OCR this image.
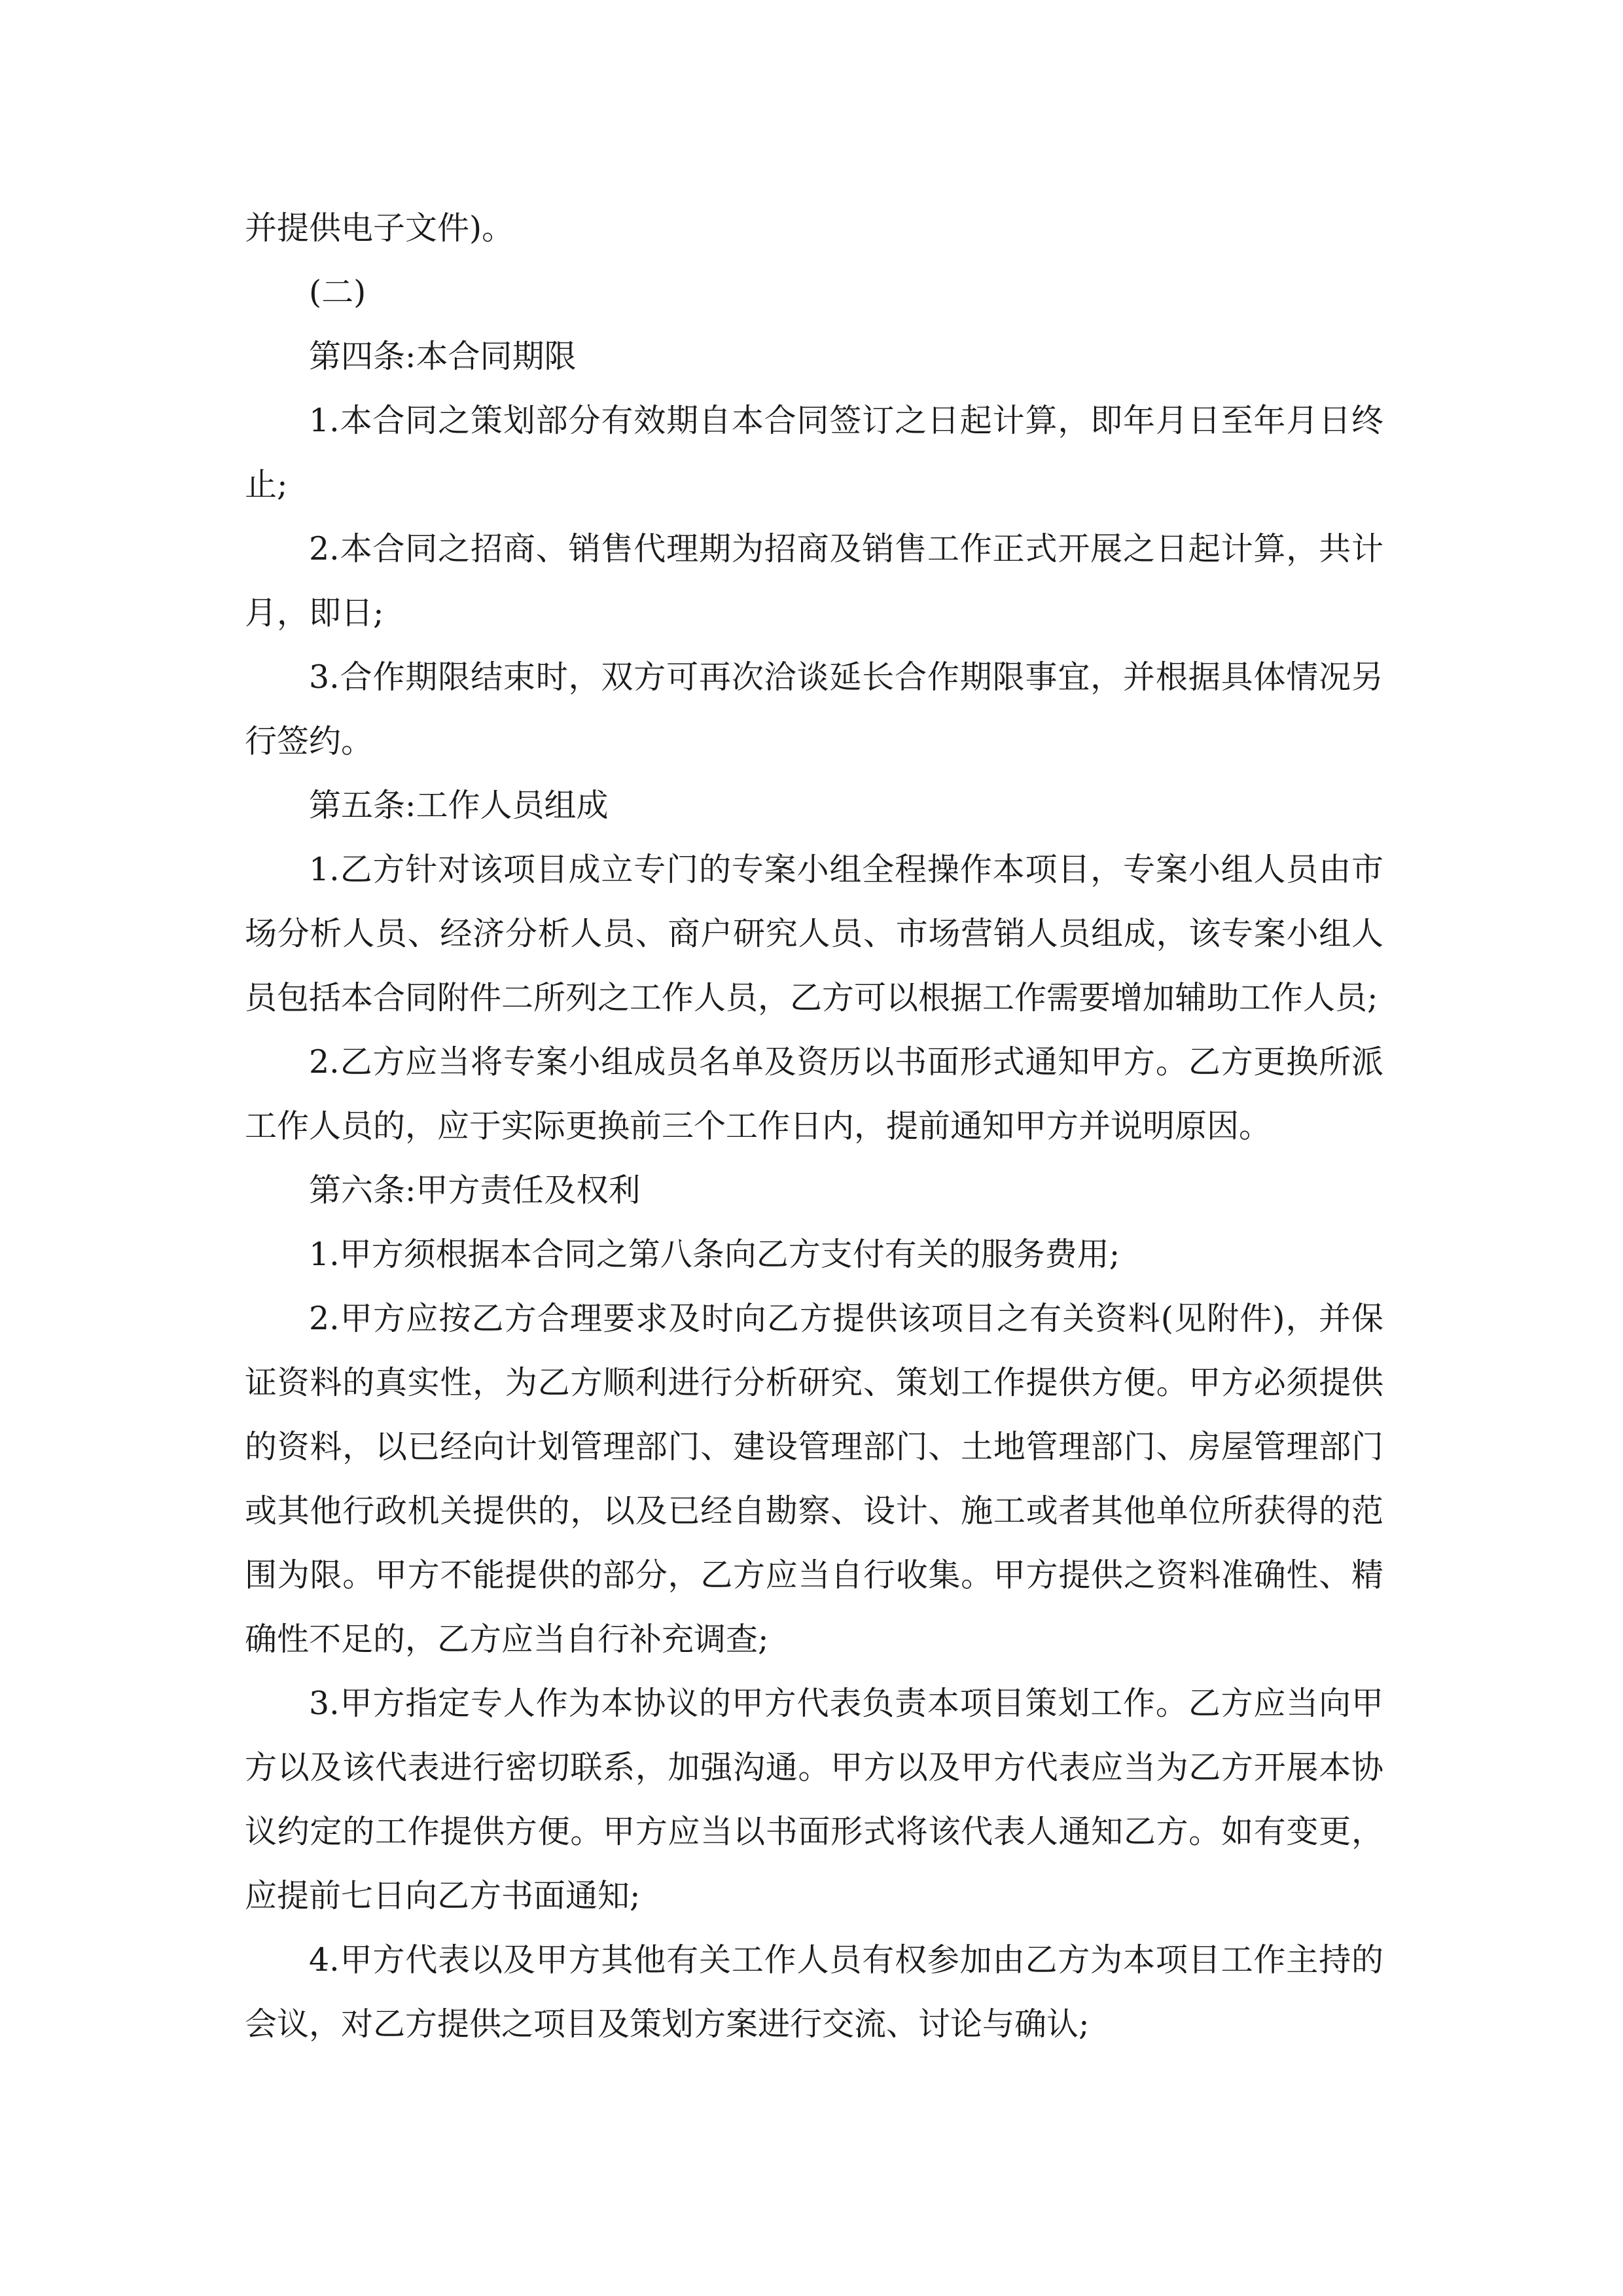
并提供电子文件)。

(二)

第四条:本合同期限

1.本合同之策划部分有效期自本合同签订之日起计算，即年月日至年月日终止;

2.本合同之招商、销售代理期为招商及销售工作正式开展之日起计算，共计月，即日;

3.合作期限结束时，双方可再次洽谈延长合作期限事宜，并根据具体情况另行签约。

第五条:工作人员组成

1.乙方针对该项目成立专门的专案小组全程操作本项目，专案小组人员由市场分析人员、经济分析人员、商户研究人员、市场营销人员组成，该专案小组人员包括本合同附件二所列之工作人员，乙方可以根据工作需要增加辅助工作人员;

2.乙方应当将专案小组成员名单及资历以书面形式通知甲方。乙方更换所派工作人员的，应于实际更换前三个工作日内，提前通知甲方并说明原因。

第六条:甲方责任及权利

1.甲方须根据本合同之第八条向乙方支付有关的服务费用;

2.甲方应按乙方合理要求及时向乙方提供该项目之有关资料(见附件)，并保证资料的真实性，为乙方顺利进行分析研究、策划工作提供方便。甲方必须提供的资料，以已经向计划管理部门、建设管理部门、土地管理部门、房屋管理部门或其他行政机关提供的，以及已经自勘察、设计、施工或者其他单位所获得的范围为限。甲方不能提供的部分，乙方应当自行收集。甲方提供之资料准确性、精确性不足的，乙方应当自行补充调查;

3.甲方指定专人作为本协议的甲方代表负责本项目策划工作。乙方应当向甲方以及该代表进行密切联系，加强沟通。甲方以及甲方代表应当为乙方开展本协议约定的工作提供方便。甲方应当以书面形式将该代表人通知乙方。如有变更，应提前七日向乙方书面通知;

4.甲方代表以及甲方其他有关工作人员有权参加由乙方为本项目工作主持的会议，对乙方提供之项目及策划方案进行交流、讨论与确认;
